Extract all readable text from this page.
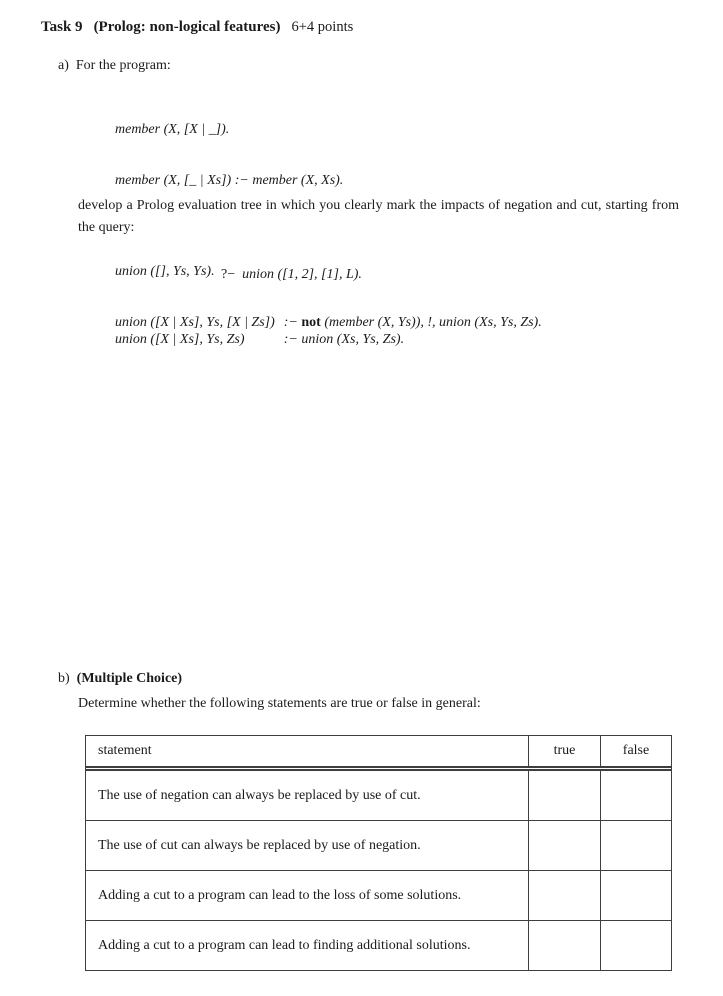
Task 9 (Prolog: non-logical features) 6+4 points
a) For the program:

member (X, [X | _]).

member (X, [_ | Xs]) :− member (X, Xs).

union ([], Ys, Ys).

union ([X | Xs], Ys, [X | Zs]) :− not (member (X, Ys)), !, union (Xs, Ys, Zs).
union ([X | Xs], Ys, Zs)	:− union (Xs, Ys, Zs).

develop a Prolog evaluation tree in which you clearly mark the impacts of negation and cut, starting from the query:

?−  union ([1, 2], [1], L).

b) (Multiple Choice)
Determine whether the following statements are true or false in general:
statement	true	false
The use of negation can always be replaced by use of cut.
The use of cut can always be replaced by use of negation.
Adding a cut to a program can lead to the loss of some solutions.
Adding a cut to a program can lead to finding additional solutions.
